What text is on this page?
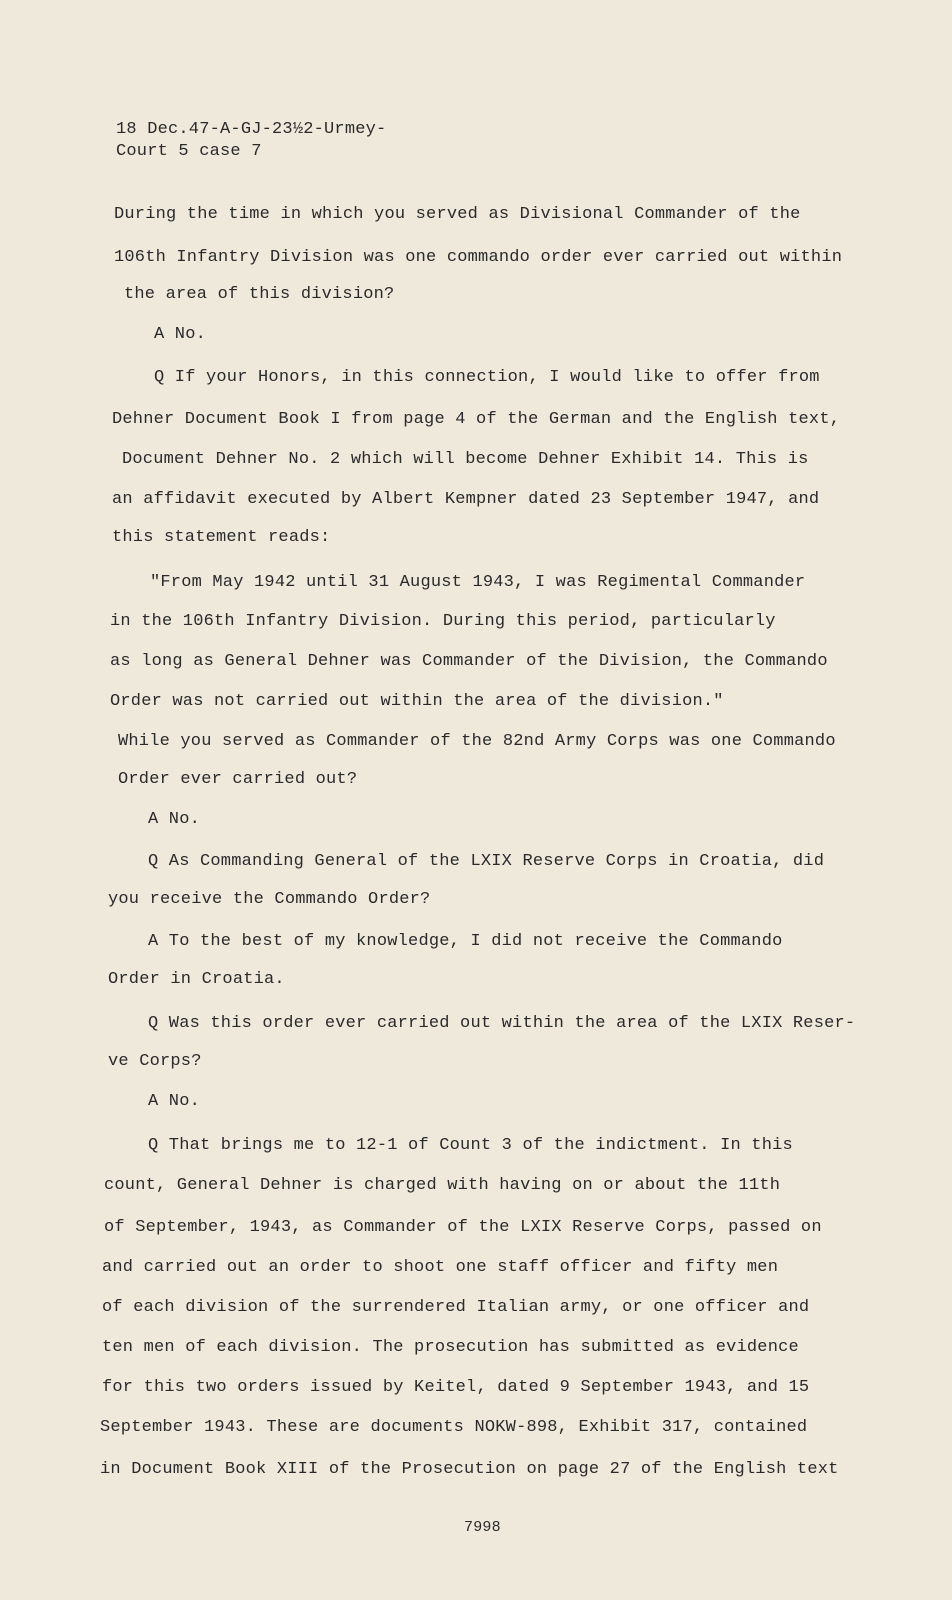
18 Dec.47-A-GJ-23½2-Urmey-
Court 5 case 7
During the time in which you served as Divisional Commander of the
106th Infantry Division was one commando order ever carried out within
the area of this division?
A No.
Q If your Honors, in this connection, I would like to offer from
Dehner Document Book I from page 4 of the German and the English text,
Document Dehner No. 2 which will become Dehner Exhibit 14. This is
an affidavit executed by Albert Kempner dated 23 September 1947, and
this statement reads:
"From May 1942 until 31 August 1943, I was Regimental Commander
in the 106th Infantry Division. During this period, particularly
as long as General Dehner was Commander of the Division, the Commando
Order was not carried out within the area of the division."
While you served as Commander of the 82nd Army Corps was one Commando
Order ever carried out?
A No.
Q As Commanding General of the LXIX Reserve Corps in Croatia, did
you receive the Commando Order?
A To the best of my knowledge, I did not receive the Commando
Order in Croatia.
Q Was this order ever carried out within the area of the LXIX Reser-
ve Corps?
A No.
Q That brings me to 12-1 of Count 3 of the indictment. In this
count, General Dehner is charged with having on or about the 11th
of September, 1943, as Commander of the LXIX Reserve Corps, passed on
and carried out an order to shoot one staff officer and fifty men
of each division of the surrendered Italian army, or one officer and
ten men of each division. The prosecution has submitted as evidence
for this two orders issued by Keitel, dated 9 September 1943, and 15
September 1943. These are documents NOKW-898, Exhibit 317, contained
in Document Book XIII of the Prosecution on page 27 of the English text
7998
